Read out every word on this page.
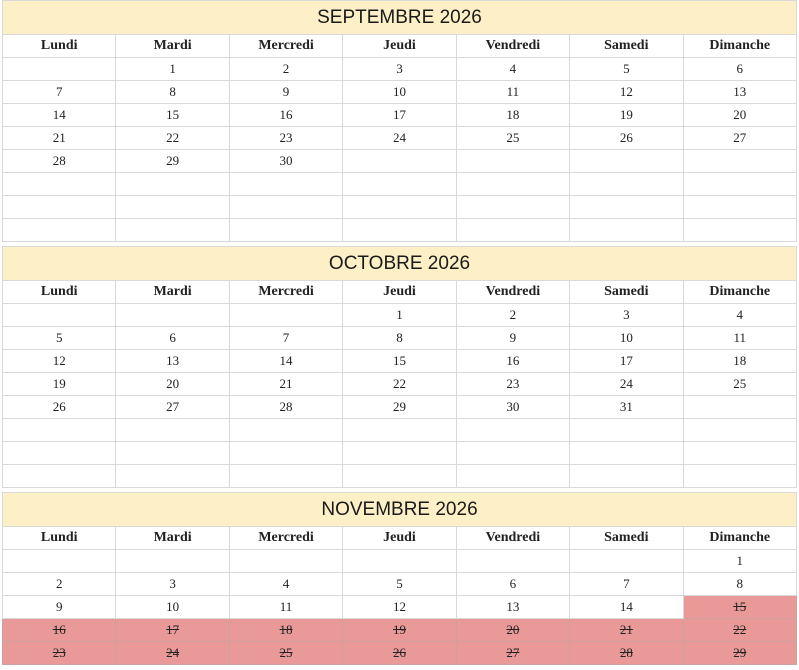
SEPTEMBRE 2026						
Lundi	Mardi	Mercredi	Jeudi	Vendredi	Samedi	Dimanche
	1	2	3	4	5	6
7	8	9	10	11	12	13
14	15	16	17	18	19	20
21	22	23	24	25	26	27
28	29	30				

OCTOBRE 2026						
Lundi	Mardi	Mercredi	Jeudi	Vendredi	Samedi	Dimanche
			1	2	3	4
5	6	7	8	9	10	11
12	13	14	15	16	17	18
19	20	21	22	23	24	25
26	27	28	29	30	31	

NOVEMBRE 2026						
Lundi	Mardi	Mercredi	Jeudi	Vendredi	Samedi	Dimanche
						1
2	3	4	5	6	7	8
9	10	11	12	13	14	15
16	17	18	19	20	21	22
23	24	25	26	27	28	29
